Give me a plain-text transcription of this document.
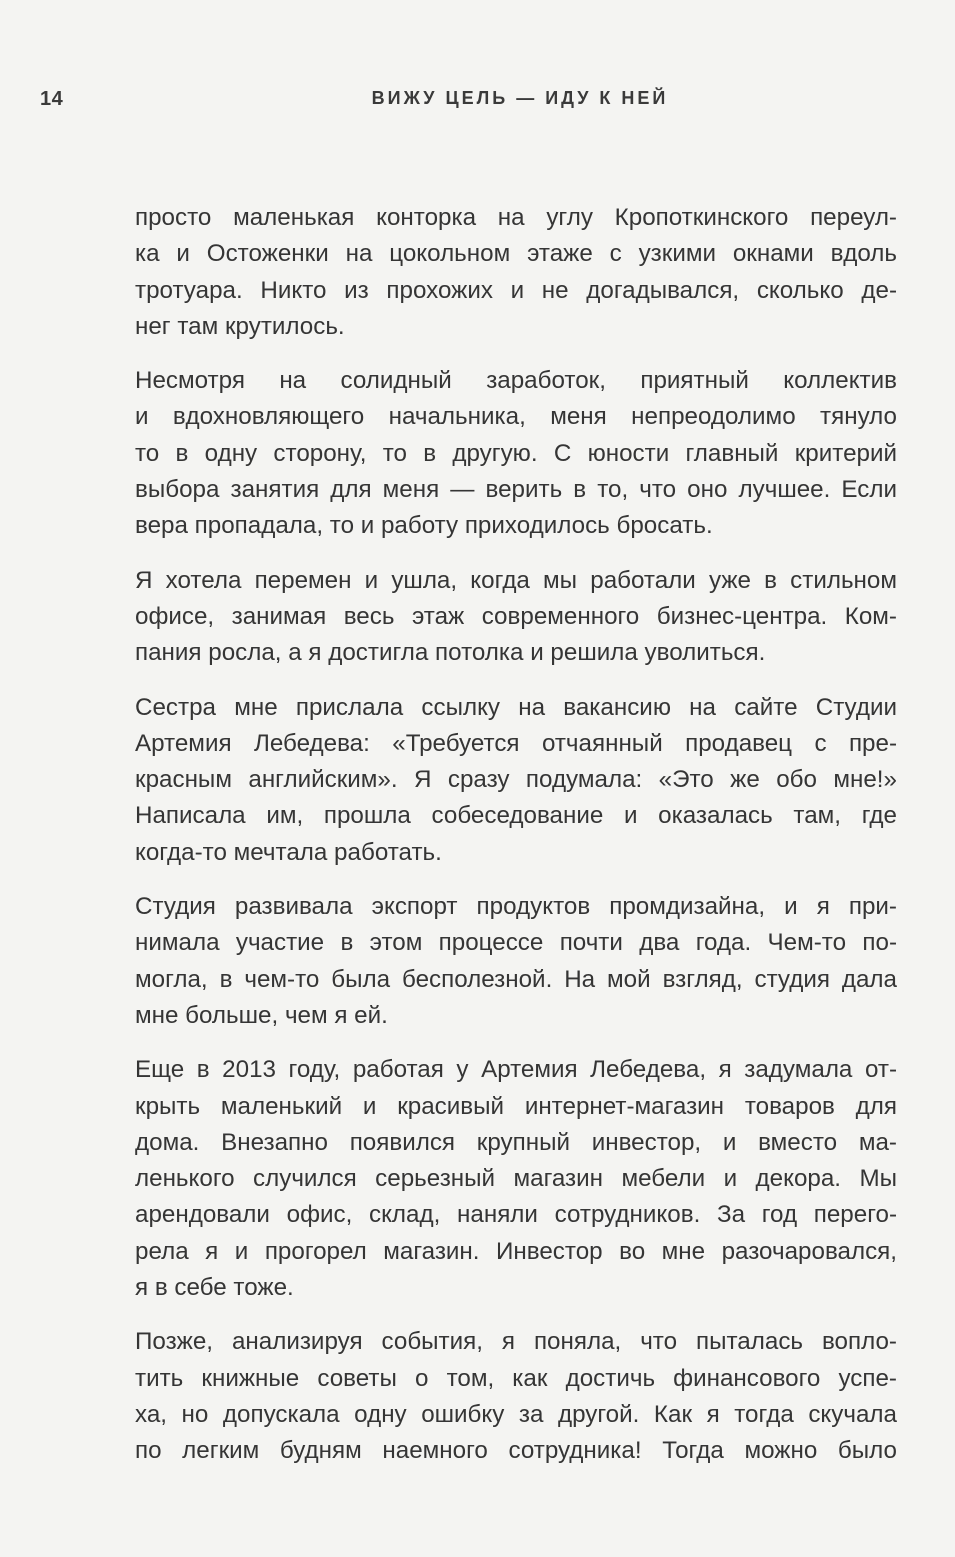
14	ВИЖУ ЦЕЛЬ — ИДУ К НЕЙ
просто маленькая конторка на углу Кропоткинского переул-
ка и Остоженки на цокольном этаже с узкими окнами вдоль
тротуара. Никто из прохожих и не догадывался, сколько де-
нег там крутилось.
Несмотря на солидный заработок, приятный коллектив
и вдохновляющего начальника, меня непреодолимо тянуло
то в одну сторону, то в другую. С юности главный критерий
выбора занятия для меня — верить в то, что оно лучшее. Если
вера пропадала, то и работу приходилось бросать.
Я хотела перемен и ушла, когда мы работали уже в стильном
офисе, занимая весь этаж современного бизнес-центра. Ком-
пания росла, а я достигла потолка и решила уволиться.
Сестра мне прислала ссылку на вакансию на сайте Студии
Артемия Лебедева: «Требуется отчаянный продавец с пре-
красным английским». Я сразу подумала: «Это же обо мне!»
Написала им, прошла собеседование и оказалась там, где
когда-то мечтала работать.
Студия развивала экспорт продуктов промдизайна, и я при-
нимала участие в этом процессе почти два года. Чем-то по-
могла, в чем-то была бесполезной. На мой взгляд, студия дала
мне больше, чем я ей.
Еще в 2013 году, работая у Артемия Лебедева, я задумала от-
крыть маленький и красивый интернет-магазин товаров для
дома. Внезапно появился крупный инвестор, и вместо ма-
ленького случился серьезный магазин мебели и декора. Мы
арендовали офис, склад, наняли сотрудников. За год перего-
рела я и прогорел магазин. Инвестор во мне разочаровался,
я в себе тоже.
Позже, анализируя события, я поняла, что пыталась вопло-
тить книжные советы о том, как достичь финансового успе-
ха, но допускала одну ошибку за другой. Как я тогда скучала
по легким будням наемного сотрудника! Тогда можно было
